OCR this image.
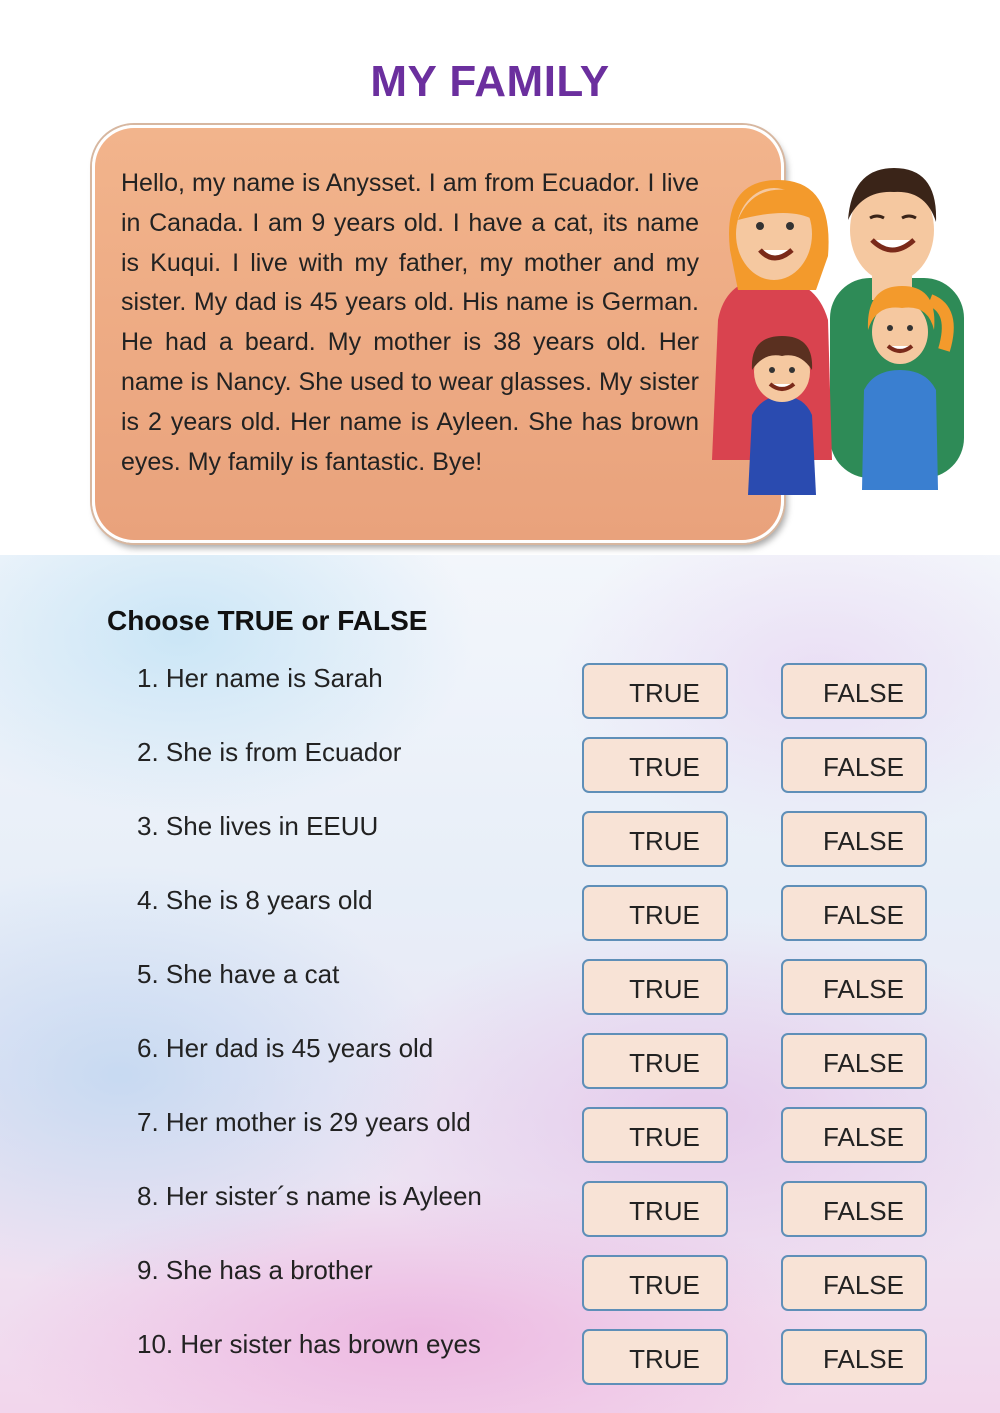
MY FAMILY

Hello, my name is Anysset. I am from Ecuador. I live in Canada. I am 9 years old. I have a cat, its name is Kuqui. I live with my father, my mother and my sister. My dad is 45 years old. His name is German. He had a beard. My mother is 38 years old. Her name is Nancy. She used to wear glasses. My sister is 2 years old. Her name is Ayleen. She has brown eyes. My family is fantastic. Bye!

Choose TRUE or FALSE
1. Her name is Sarah	TRUE	FALSE
2. She is from Ecuador	TRUE	FALSE
3. She lives in EEUU	TRUE	FALSE
4. She is 8 years old	TRUE	FALSE
5. She have a cat	TRUE	FALSE
6. Her dad is 45 years old	TRUE	FALSE
7. Her mother is 29 years old	TRUE	FALSE
8. Her sister´s name is Ayleen	TRUE	FALSE
9. She has a brother	TRUE	FALSE
10. Her sister has brown eyes	TRUE	FALSE
